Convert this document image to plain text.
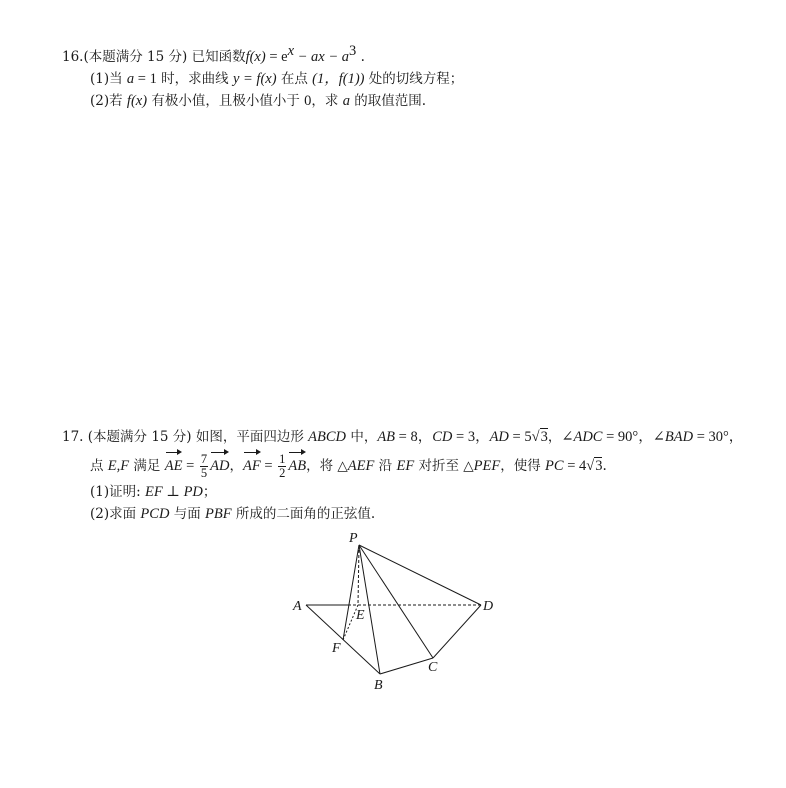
16.(本题满分 15 分) 已知函数$f(x) = e^x$ − ax − $a^3$ .
(1)当 a = 1 时，求曲线 y = f(x) 在点 (1，f(1)) 处的切线方程；
(2)若 f(x) 有极小值，且极小值小于 0，求 a 的取值范围.
17. (本题满分 15 分) 如图，平面四边形 ABCD 中，AB = 8，CD = 3，AD = 5√3，∠ADC = 90°，∠BAD = 30°，
点 E,F 满足 AE = $\frac{7}{5}$ AD，AF = $\frac{1}{2}$ AB，将 △AEF 沿 EF 对折至 △PEF，使得 PC = 4√3.
(1)证明: EF ⊥ PD；
(2)求面 PCD 与面 PBF 所成的二面角的正弦值.
P
A
E
D
F
B
C
